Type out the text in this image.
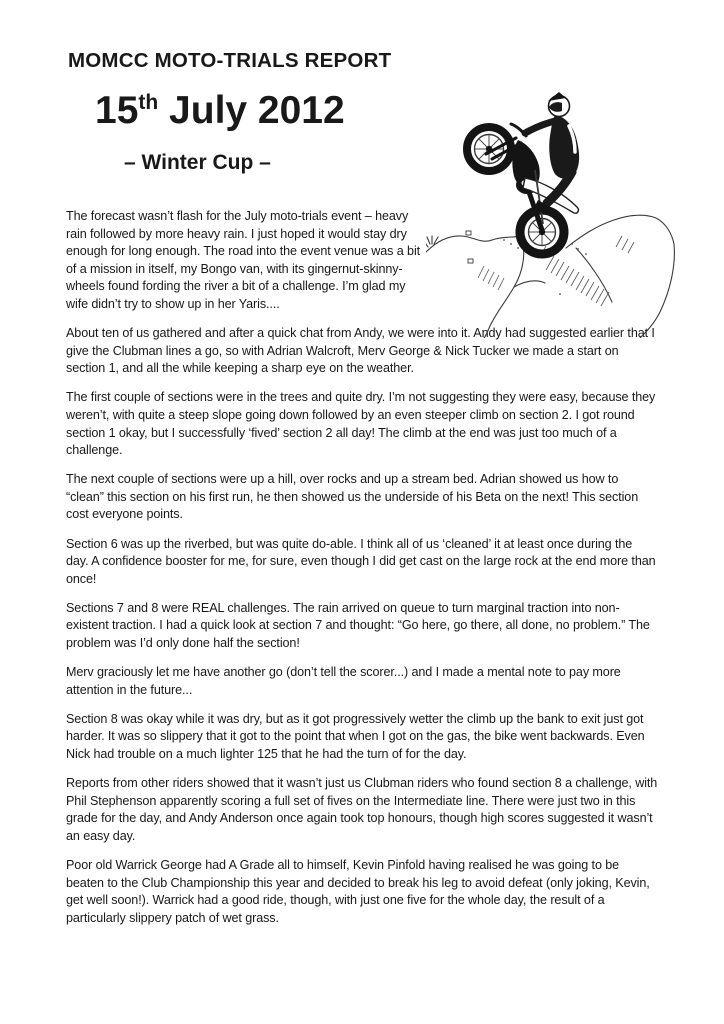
MOMCC MOTO-TRIALS REPORT
15th July 2012
– Winter Cup –

The forecast wasn’t flash for the July moto-trials event – heavy rain followed by more heavy rain. I just hoped it would stay dry enough for long enough. The road into the event venue was a bit of a mission in itself, my Bongo van, with its gingernut-skinny-wheels found fording the river a bit of a challenge. I’m glad my wife didn’t try to show up in her Yaris....

About ten of us gathered and after a quick chat from Andy, we were into it. Andy had suggested earlier that I give the Clubman lines a go, so with Adrian Walcroft, Merv George & Nick Tucker we made a start on section 1, and all the while keeping a sharp eye on the weather.

The first couple of sections were in the trees and quite dry. I’m not suggesting they were easy, because they weren’t, with quite a steep slope going down followed by an even steeper climb on section 2. I got round section 1 okay, but I successfully ‘fived’ section 2 all day! The climb at the end was just too much of a challenge.

The next couple of sections were up a hill, over rocks and up a stream bed. Adrian showed us how to “clean” this section on his first run, he then showed us the underside of his Beta on the next! This section cost everyone points.

Section 6 was up the riverbed, but was quite do-able. I think all of us ‘cleaned’ it at least once during the day. A confidence booster for me, for sure, even though I did get cast on the large rock at the end more than once!

Sections 7 and 8 were REAL challenges. The rain arrived on queue to turn marginal traction into non-existent traction. I had a quick look at section 7 and thought: “Go here, go there, all done, no problem.” The problem was I’d only done half the section!

Merv graciously let me have another go (don’t tell the scorer...) and I made a mental note to pay more attention in the future...

Section 8 was okay while it was dry, but as it got progressively wetter the climb up the bank to exit just got harder. It was so slippery that it got to the point that when I got on the gas, the bike went backwards. Even Nick had trouble on a much lighter 125 that he had the turn of for the day.

Reports from other riders showed that it wasn’t just us Clubman riders who found section 8 a challenge, with Phil Stephenson apparently scoring a full set of fives on the Intermediate line. There were just two in this grade for the day, and Andy Anderson once again took top honours, though high scores suggested it wasn’t an easy day.

Poor old Warrick George had A Grade all to himself, Kevin Pinfold having realised he was going to be beaten to the Club Championship this year and decided to break his leg to avoid defeat (only joking, Kevin, get well soon!). Warrick had a good ride, though, with just one five for the whole day, the result of a particularly slippery patch of wet grass.
